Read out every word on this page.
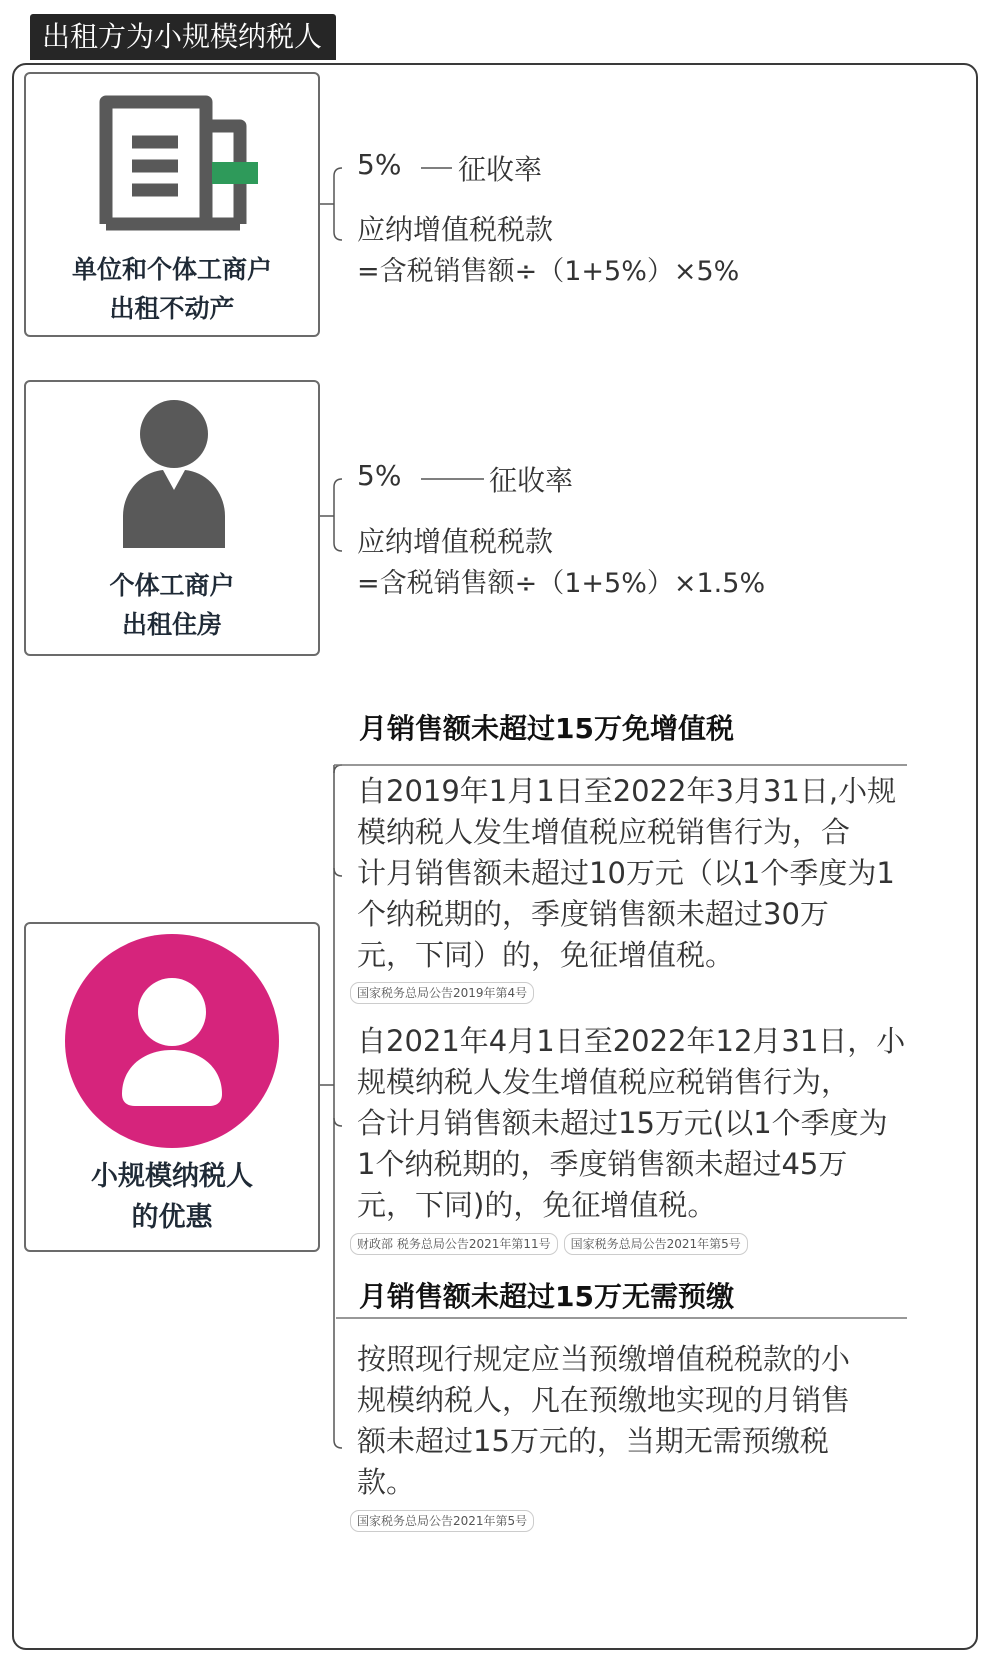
出租方为小规模纳税人
单位和个体工商户
出租不动产
5% 征收率
应纳增值税税款
=含税销售额÷（1+5%）×5%
个体工商户
出租住房
5%	征收率
应纳增值税税款
=含税销售额÷（1+5%）×1.5%
小规模纳税人
的优惠
月销售额未超过15万免增值税
自2019年1月1日至2022年3月31日,小规
模纳税人发生增值税应税销售行为，合
计月销售额未超过10万元（以1个季度为1
个纳税期的，季度销售额未超过30万
元，下同）的，免征增值税。
国家税务总局公告2019年第4号
自2021年4月1日至2022年12月31日，小
规模纳税人发生增值税应税销售行为，
合计月销售额未超过15万元(以1个季度为
1个纳税期的，季度销售额未超过45万
元，下同)的，免征增值税。
财政部 税务总局公告2021年第11号	国家税务总局公告2021年第5号
月销售额未超过15万无需预缴
按照现行规定应当预缴增值税税款的小
规模纳税人，凡在预缴地实现的月销售
额未超过15万元的，当期无需预缴税
款。
国家税务总局公告2021年第5号
